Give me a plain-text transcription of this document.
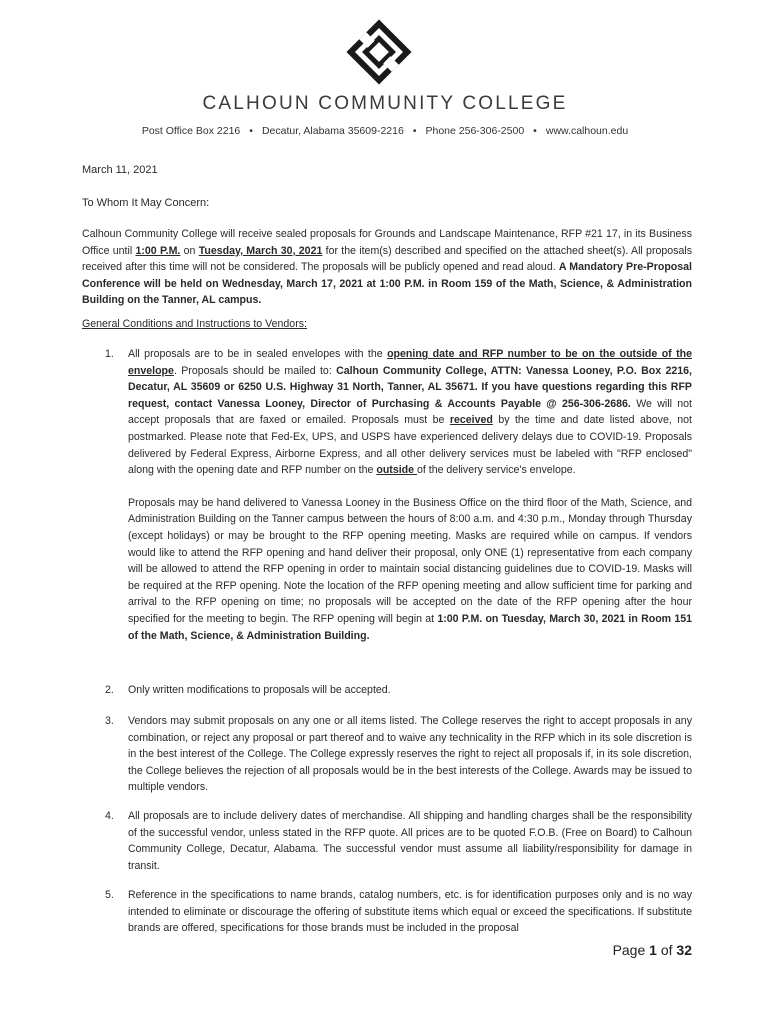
CALHOUN COMMUNITY COLLEGE
Post Office Box 2216 • Decatur, Alabama 35609-2216 • Phone 256-306-2500 • www.calhoun.edu
March 11, 2021
To Whom It May Concern:
Calhoun Community College will receive sealed proposals for Grounds and Landscape Maintenance, RFP #21 17, in its Business Office until 1:00 P.M. on Tuesday, March 30, 2021 for the item(s) described and specified on the attached sheet(s). All proposals received after this time will not be considered. The proposals will be publicly opened and read aloud. A Mandatory Pre-Proposal Conference will be held on Wednesday, March 17, 2021 at 1:00 P.M. in Room 159 of the Math, Science, & Administration Building on the Tanner, AL campus.
General Conditions and Instructions to Vendors:
1. All proposals are to be in sealed envelopes with the opening date and RFP number to be on the outside of the envelope. Proposals should be mailed to: Calhoun Community College, ATTN: Vanessa Looney, P.O. Box 2216, Decatur, AL 35609 or 6250 U.S. Highway 31 North, Tanner, AL 35671. If you have questions regarding this RFP request, contact Vanessa Looney, Director of Purchasing & Accounts Payable @ 256-306-2686. We will not accept proposals that are faxed or emailed. Proposals must be received by the time and date listed above, not postmarked. Please note that Fed-Ex, UPS, and USPS have experienced delivery delays due to COVID-19. Proposals delivered by Federal Express, Airborne Express, and all other delivery services must be labeled with "RFP enclosed" along with the opening date and RFP number on the outside of the delivery service's envelope.

Proposals may be hand delivered to Vanessa Looney in the Business Office on the third floor of the Math, Science, and Administration Building on the Tanner campus between the hours of 8:00 a.m. and 4:30 p.m., Monday through Thursday (except holidays) or may be brought to the RFP opening meeting. Masks are required while on campus. If vendors would like to attend the RFP opening and hand deliver their proposal, only ONE (1) representative from each company will be allowed to attend the RFP opening in order to maintain social distancing guidelines due to COVID-19. Masks will be required at the RFP opening. Note the location of the RFP opening meeting and allow sufficient time for parking and arrival to the RFP opening on time; no proposals will be accepted on the date of the RFP opening after the hour specified for the meeting to begin. The RFP opening will begin at 1:00 P.M. on Tuesday, March 30, 2021 in Room 151 of the Math, Science, & Administration Building.

2. Only written modifications to proposals will be accepted.
3. Vendors may submit proposals on any one or all items listed. The College reserves the right to accept proposals in any combination, or reject any proposal or part thereof and to waive any technicality in the RFP which in its sole discretion is in the best interest of the College. The College expressly reserves the right to reject all proposals if, in its sole discretion, the College believes the rejection of all proposals would be in the best interests of the College. Awards may be issued to multiple vendors.
4. All proposals are to include delivery dates of merchandise. All shipping and handling charges shall be the responsibility of the successful vendor, unless stated in the RFP quote. All prices are to be quoted F.O.B. (Free on Board) to Calhoun Community College, Decatur, Alabama. The successful vendor must assume all liability/responsibility for damage in transit.
5. Reference in the specifications to name brands, catalog numbers, etc. is for identification purposes only and is no way intended to eliminate or discourage the offering of substitute items which equal or exceed the specifications. If substitute brands are offered, specifications for those brands must be included in the proposal
Page 1 of 32
